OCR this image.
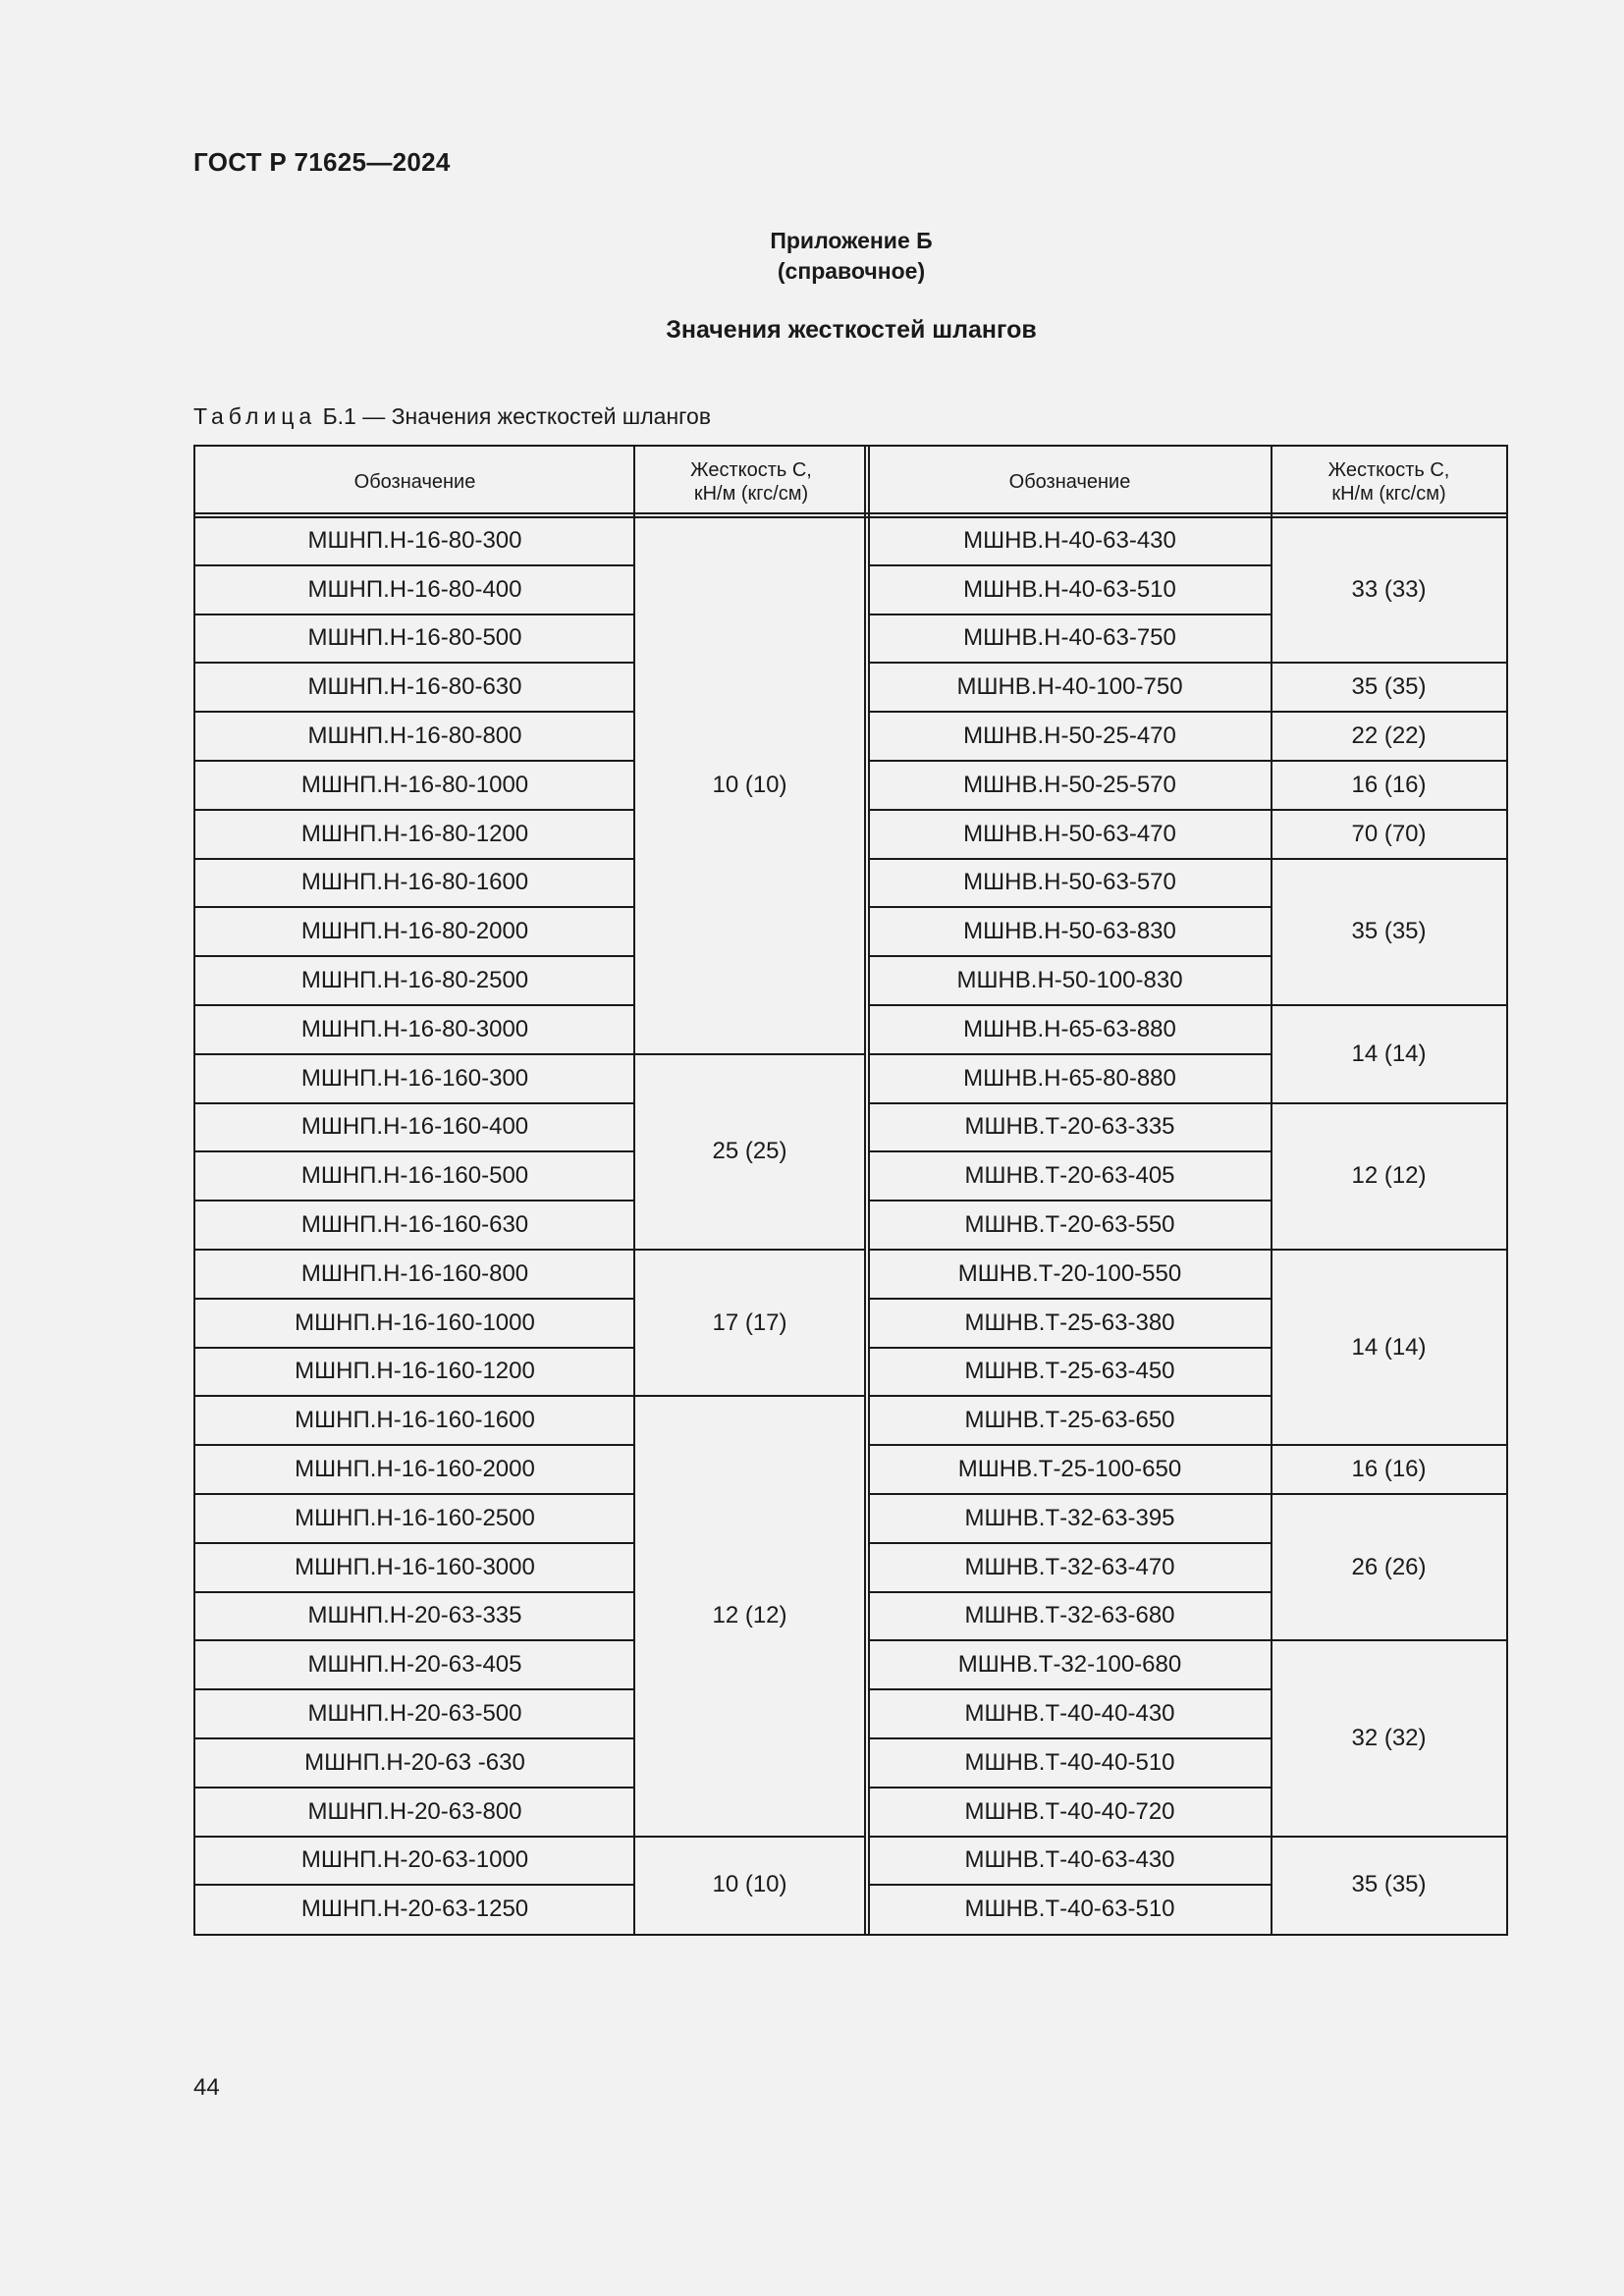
ГОСТ Р 71625—2024
Приложение Б
(справочное)
Значения жесткостей шлангов
Таблица Б.1 — Значения жесткостей шлангов
Обозначение
Жесткость C,
кН/м (кгс/см)
Обозначение
Жесткость C,
кН/м (кгс/см)
МШНП.Н-16-80-300
МШНП.Н-16-80-400
МШНП.Н-16-80-500
МШНП.Н-16-80-630
МШНП.Н-16-80-800
МШНП.Н-16-80-1000
МШНП.Н-16-80-1200
МШНП.Н-16-80-1600
МШНП.Н-16-80-2000
МШНП.Н-16-80-2500
МШНП.Н-16-80-3000
МШНП.Н-16-160-300
МШНП.Н-16-160-400
МШНП.Н-16-160-500
МШНП.Н-16-160-630
МШНП.Н-16-160-800
МШНП.Н-16-160-1000
МШНП.Н-16-160-1200
МШНП.Н-16-160-1600
МШНП.Н-16-160-2000
МШНП.Н-16-160-2500
МШНП.Н-16-160-3000
МШНП.Н-20-63-335
МШНП.Н-20-63-405
МШНП.Н-20-63-500
МШНП.Н-20-63 -630
МШНП.Н-20-63-800
МШНП.Н-20-63-1000
МШНП.Н-20-63-1250
МШНВ.Н-40-63-430
МШНВ.Н-40-63-510
МШНВ.Н-40-63-750
МШНВ.Н-40-100-750
МШНВ.Н-50-25-470
МШНВ.Н-50-25-570
МШНВ.Н-50-63-470
МШНВ.Н-50-63-570
МШНВ.Н-50-63-830
МШНВ.Н-50-100-830
МШНВ.Н-65-63-880
МШНВ.Н-65-80-880
МШНВ.Т-20-63-335
МШНВ.Т-20-63-405
МШНВ.Т-20-63-550
МШНВ.Т-20-100-550
МШНВ.Т-25-63-380
МШНВ.Т-25-63-450
МШНВ.Т-25-63-650
МШНВ.Т-25-100-650
МШНВ.Т-32-63-395
МШНВ.Т-32-63-470
МШНВ.Т-32-63-680
МШНВ.Т-32-100-680
МШНВ.Т-40-40-430
МШНВ.Т-40-40-510
МШНВ.Т-40-40-720
МШНВ.Т-40-63-430
МШНВ.Т-40-63-510
10 (10)
25 (25)
17 (17)
12 (12)
10 (10)
33 (33)
35 (35)
22 (22)
16 (16)
70 (70)
35 (35)
14 (14)
12 (12)
14 (14)
16 (16)
26 (26)
32 (32)
35 (35)
44
